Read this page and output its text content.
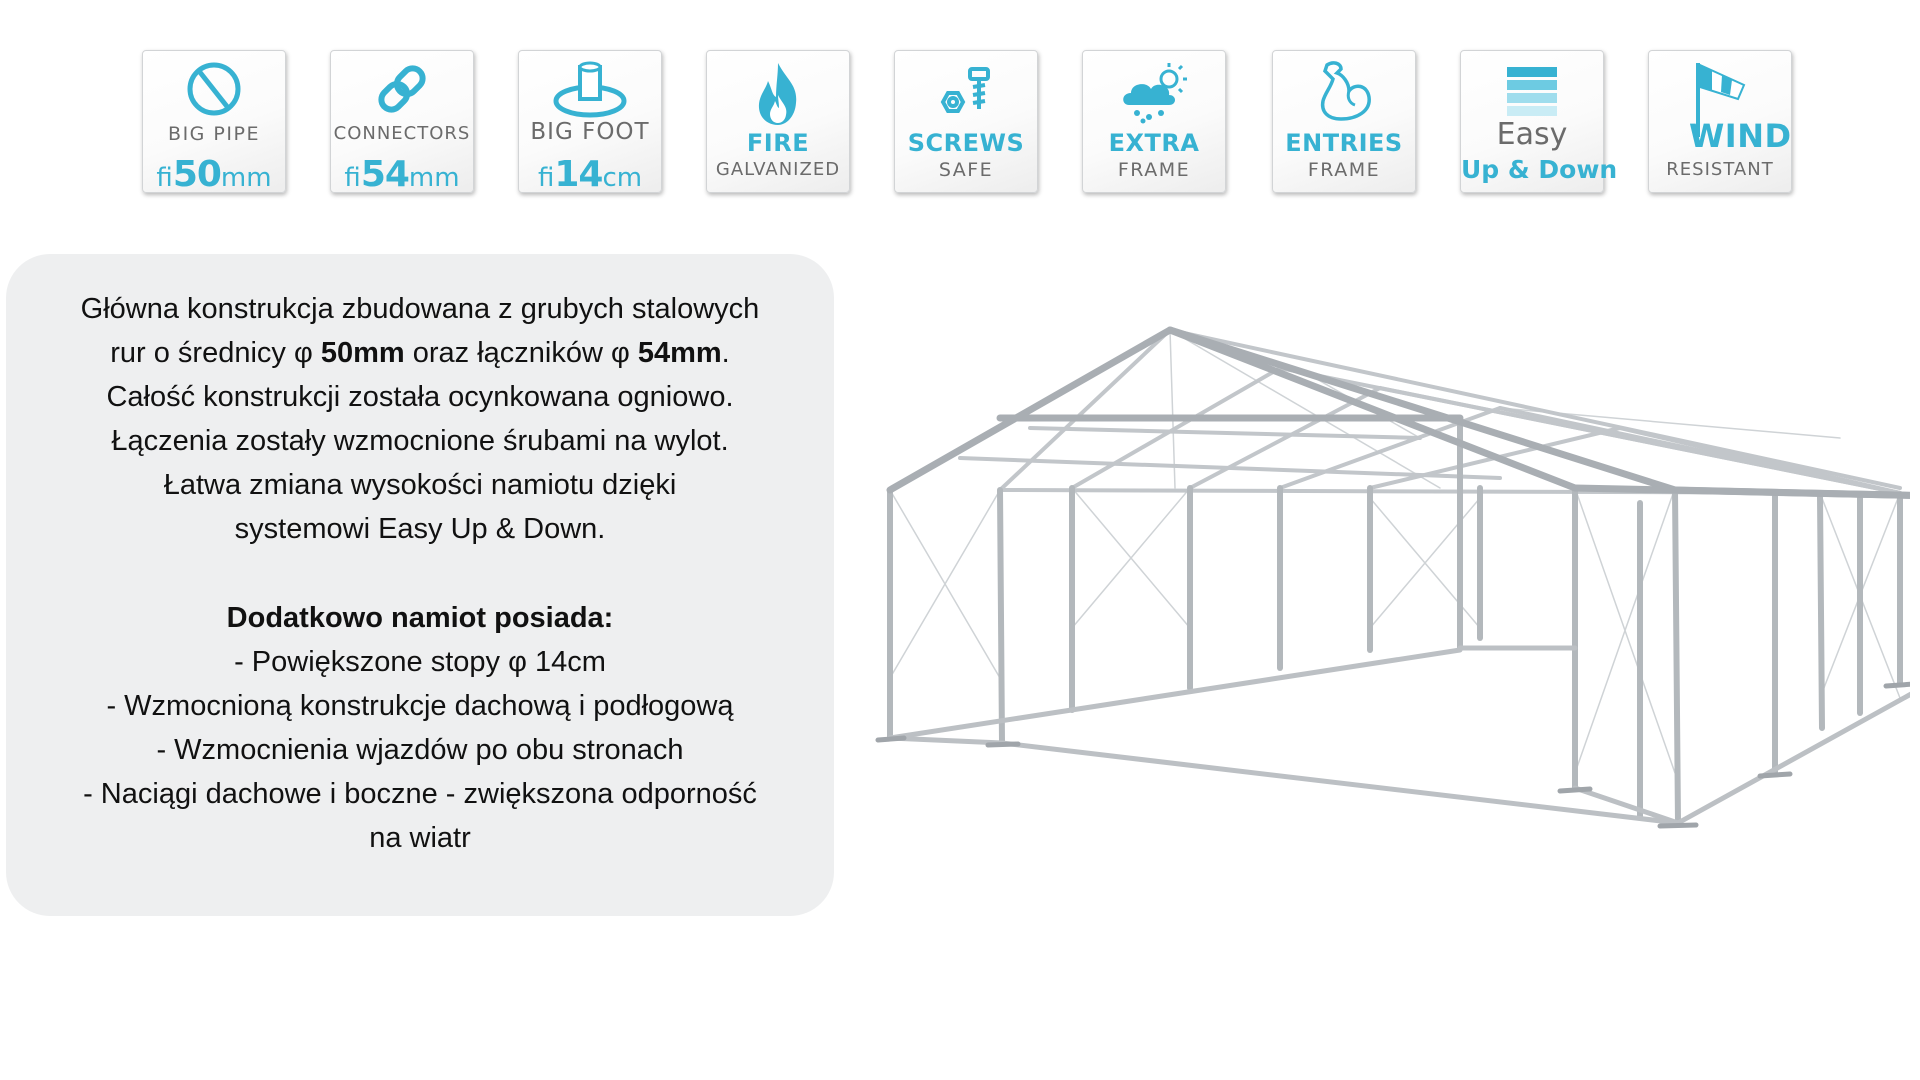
BIG PIPE
fi50mm
CONNECTORS
fi54mm
BIG FOOT
fi14cm
FIRE
GALVANIZED
SCREWS
SAFE
EXTRA
FRAME
ENTRIES
FRAME
Easy
Up & Down
WIND
RESISTANT

Główna konstrukcja zbudowana z grubych stalowych

rur o średnicy φ 50mm oraz łączników φ 54mm.

Całość konstrukcji została ocynkowana ogniowo.

Łączenia zostały wzmocnione śrubami na wylot.

Łatwa zmiana wysokości namiotu dzięki

systemowi Easy Up & Down.

Dodatkowo namiot posiada:

- Powiększone stopy φ 14cm

- Wzmocnioną konstrukcje dachową i podłogową

- Wzmocnienia wjazdów po obu stronach

- Naciągi dachowe i boczne - zwiększona odporność

na wiatr
